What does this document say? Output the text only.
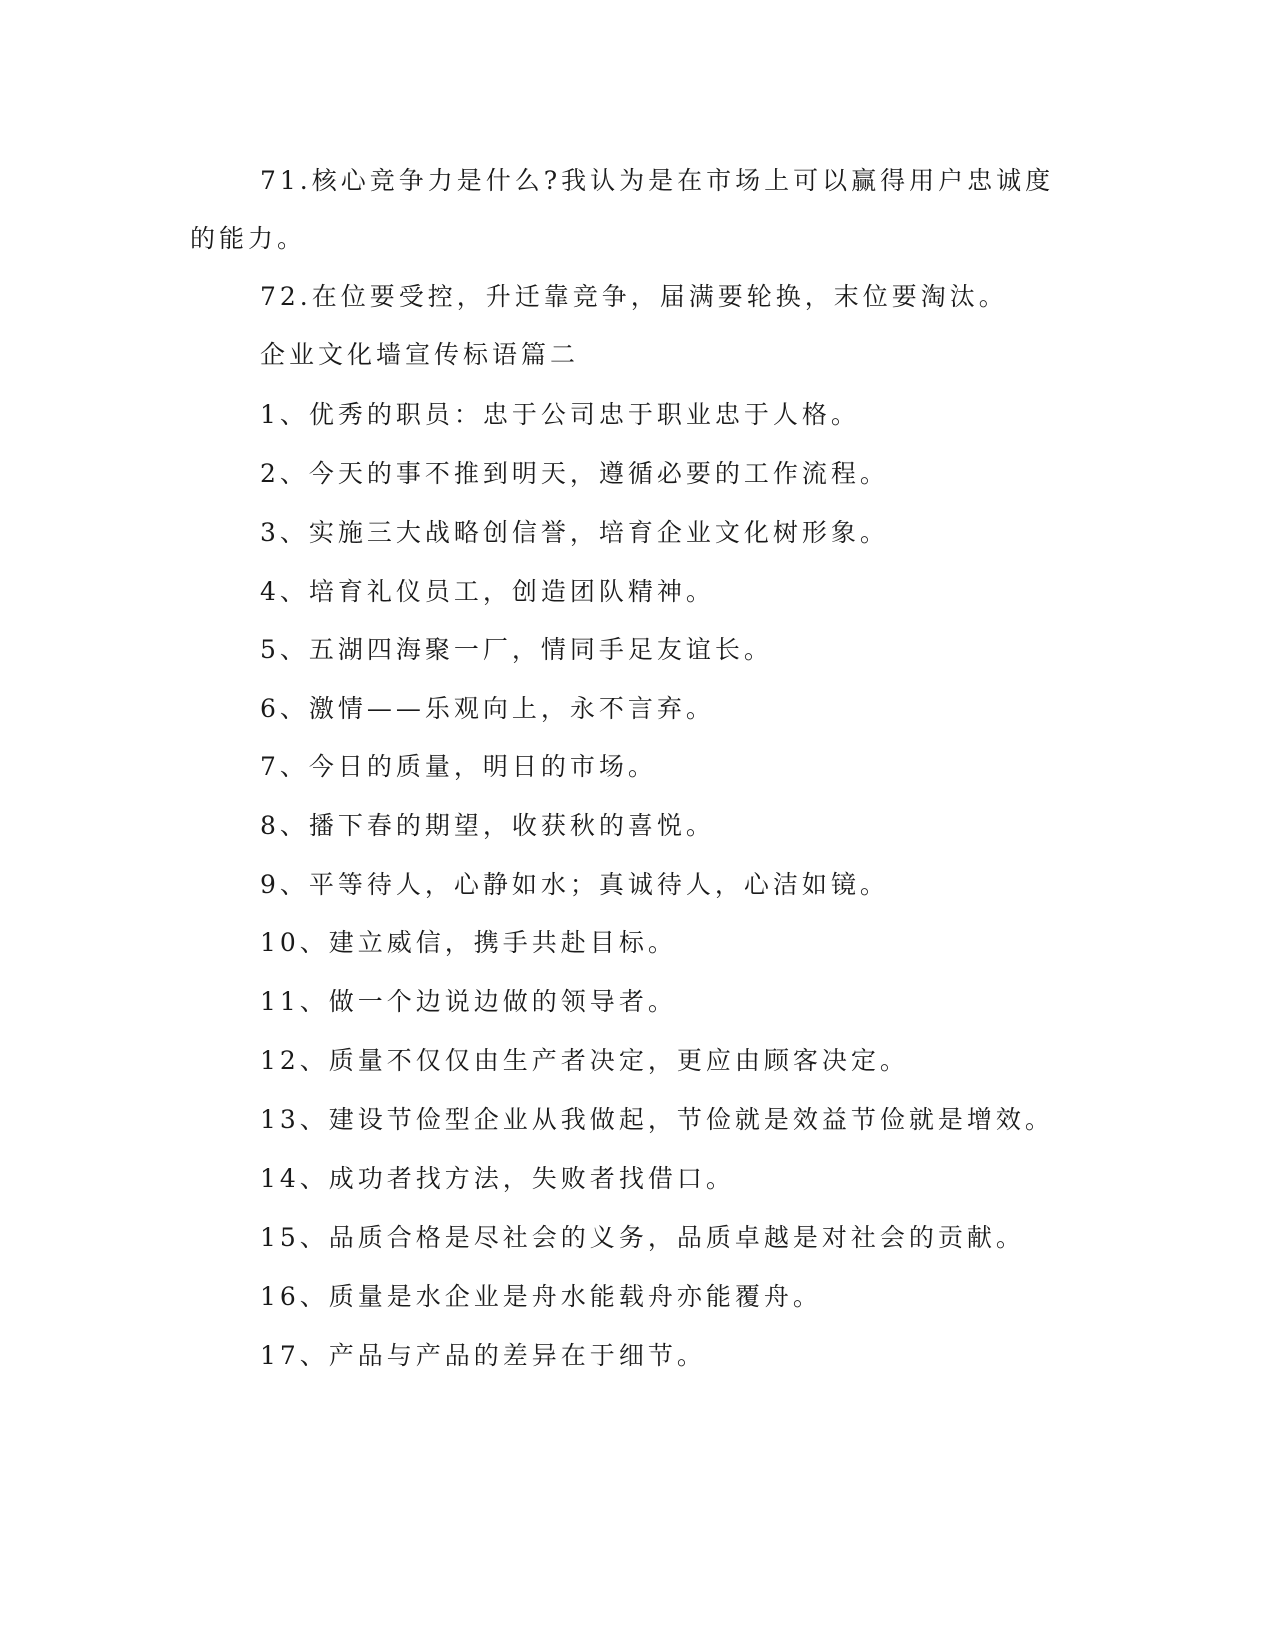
71.核心竞争力是什么?我认为是在市场上可以赢得用户忠诚度的能力。

72.在位要受控，升迁靠竞争，届满要轮换，末位要淘汰。

企业文化墙宣传标语篇二

1、优秀的职员：忠于公司忠于职业忠于人格。

2、今天的事不推到明天，遵循必要的工作流程。

3、实施三大战略创信誉，培育企业文化树形象。

4、培育礼仪员工，创造团队精神。

5、五湖四海聚一厂，情同手足友谊长。

6、激情——乐观向上，永不言弃。

7、今日的质量，明日的市场。

8、播下春的期望，收获秋的喜悦。

9、平等待人，心静如水；真诚待人，心洁如镜。

10、建立威信，携手共赴目标。

11、做一个边说边做的领导者。

12、质量不仅仅由生产者决定，更应由顾客决定。

13、建设节俭型企业从我做起，节俭就是效益节俭就是增效。

14、成功者找方法，失败者找借口。

15、品质合格是尽社会的义务，品质卓越是对社会的贡献。

16、质量是水企业是舟水能载舟亦能覆舟。

17、产品与产品的差异在于细节。
